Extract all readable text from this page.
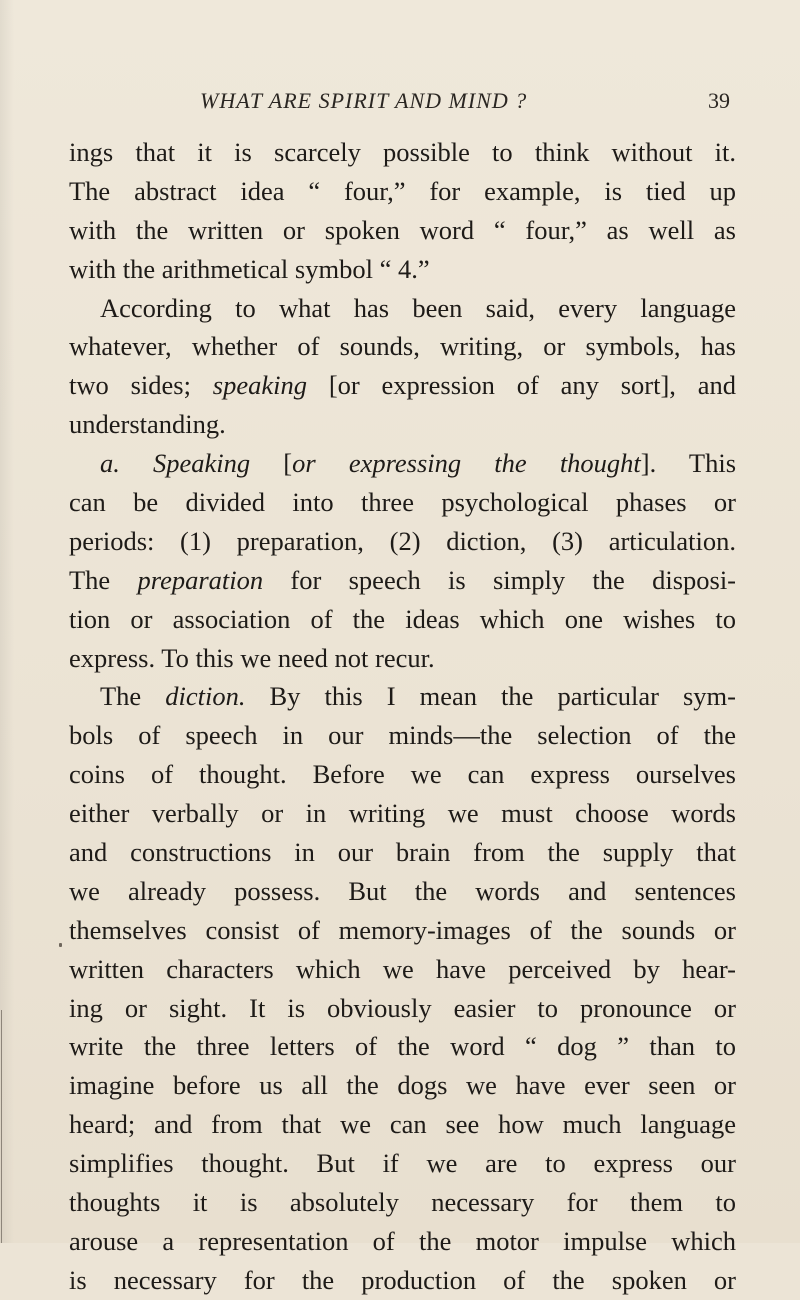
WHAT ARE SPIRIT AND MIND ?	39
ings that it is scarcely possible to think without it.
The abstract idea “ four,” for example, is tied up
with the written or spoken word “ four,” as well as
with the arithmetical symbol “ 4.”
According to what has been said, every language
whatever, whether of sounds, writing, or symbols, has
two sides; speaking [or expression of any sort], and
understanding.
a. Speaking [or expressing the thought]. This
can be divided into three psychological phases or
periods: (1) preparation, (2) diction, (3) articulation.
The preparation for speech is simply the disposi-
tion or association of the ideas which one wishes to
express. To this we need not recur.
The diction. By this I mean the particular sym-
bols of speech in our minds—the selection of the
coins of thought. Before we can express ourselves
either verbally or in writing we must choose words
and constructions in our brain from the supply that
we already possess. But the words and sentences
themselves consist of memory-images of the sounds or
written characters which we have perceived by hear-
ing or sight. It is obviously easier to pronounce or
write the three letters of the word “ dog ” than to
imagine before us all the dogs we have ever seen or
heard; and from that we can see how much language
simplifies thought. But if we are to express our
thoughts it is absolutely necessary for them to
arouse a representation of the motor impulse which
is necessary for the production of the spoken or
